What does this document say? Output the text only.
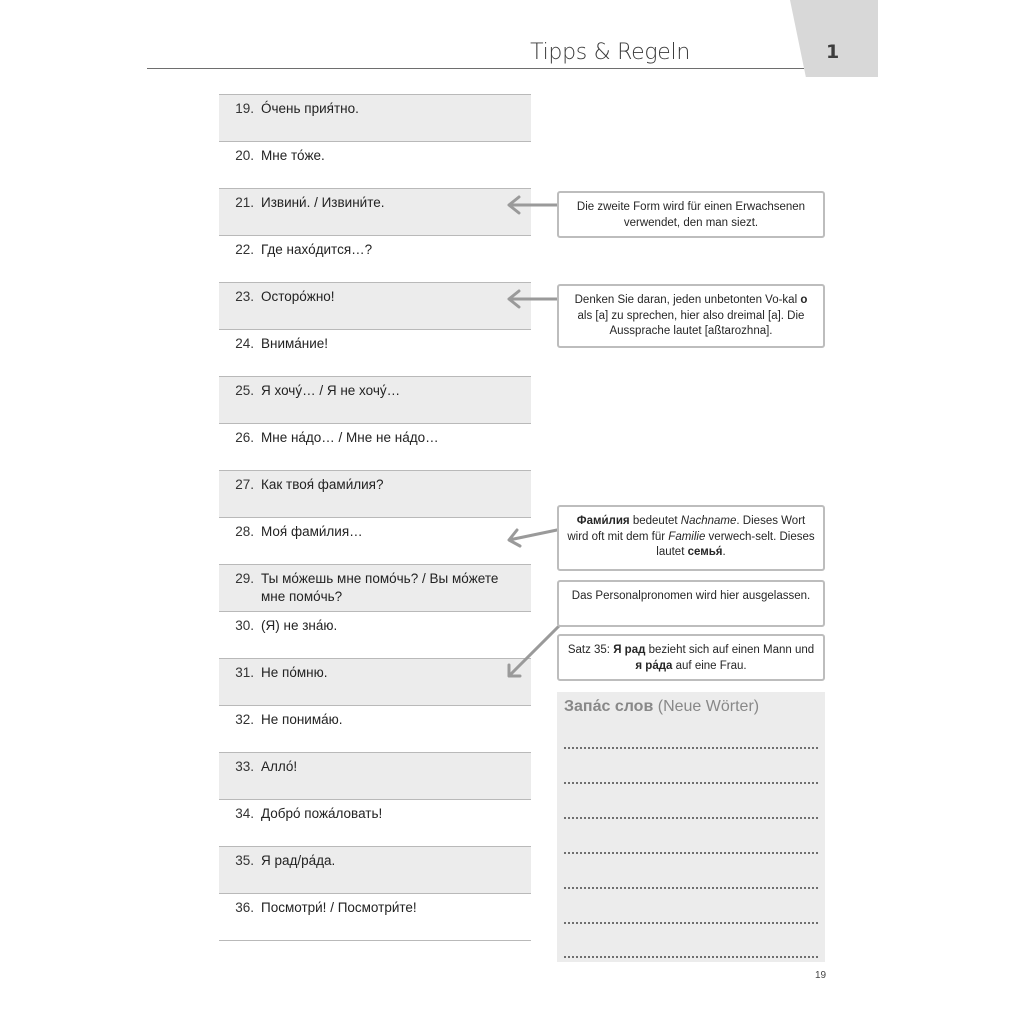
1
Tipps & Regeln
19. Óчень прия́тно.
20. Мне то́же.
21. Извини́. / Извини́те.
22. Где нахо́дится…?
23. Осторо́жно!
24. Внима́ние!
25. Я хочу́… / Я не хочу́…
26. Мне на́до… / Мне не на́до…
27. Как твоя́ фами́лия?
28. Моя́ фами́лия…
29. Ты мо́жешь мне помо́чь? / Вы мо́жете мне помо́чь?
30. (Я) не зна́ю.
31. Не по́мню.
32. Не понима́ю.
33. Алло́!
34. Добро́ пожа́ловать!
35. Я рад/ра́да.
36. Посмотри́! / Посмотри́те!
Die zweite Form wird für einen Erwachsenen verwendet, den man siezt.
Denken Sie daran, jeden unbetonten Vo-kal o als [a] zu sprechen, hier also dreimal [a]. Die Aussprache lautet [aßtarozhna].
Фами́лия bedeutet Nachname. Dieses Wort wird oft mit dem für Familie verwech-selt. Dieses lautet семья́.
Das Personalpronomen wird hier ausgelassen.
Satz 35: Я рад bezieht sich auf einen Mann und я ра́да auf eine Frau.
Запа́с слов (Neue Wörter)
19
